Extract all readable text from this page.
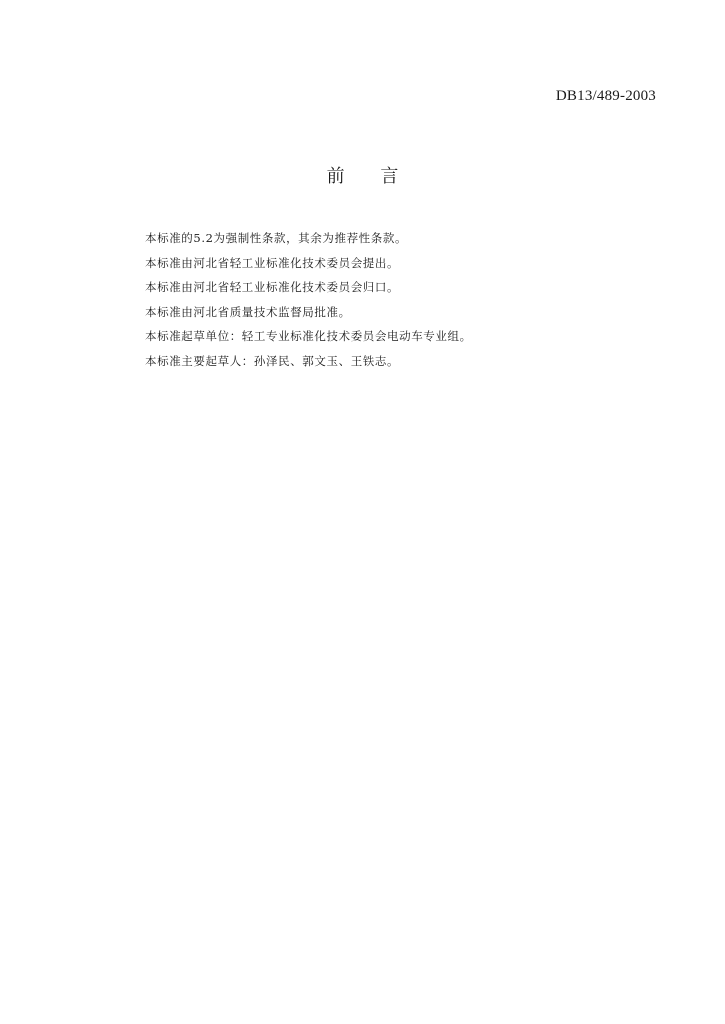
DB13/489-2003
前 言
本标准的5.2为强制性条款，其余为推荐性条款。
本标准由河北省轻工业标准化技术委员会提出。
本标准由河北省轻工业标准化技术委员会归口。
本标准由河北省质量技术监督局批准。
本标准起草单位：轻工专业标准化技术委员会电动车专业组。
本标准主要起草人：孙泽民、郭文玉、王铁志。
